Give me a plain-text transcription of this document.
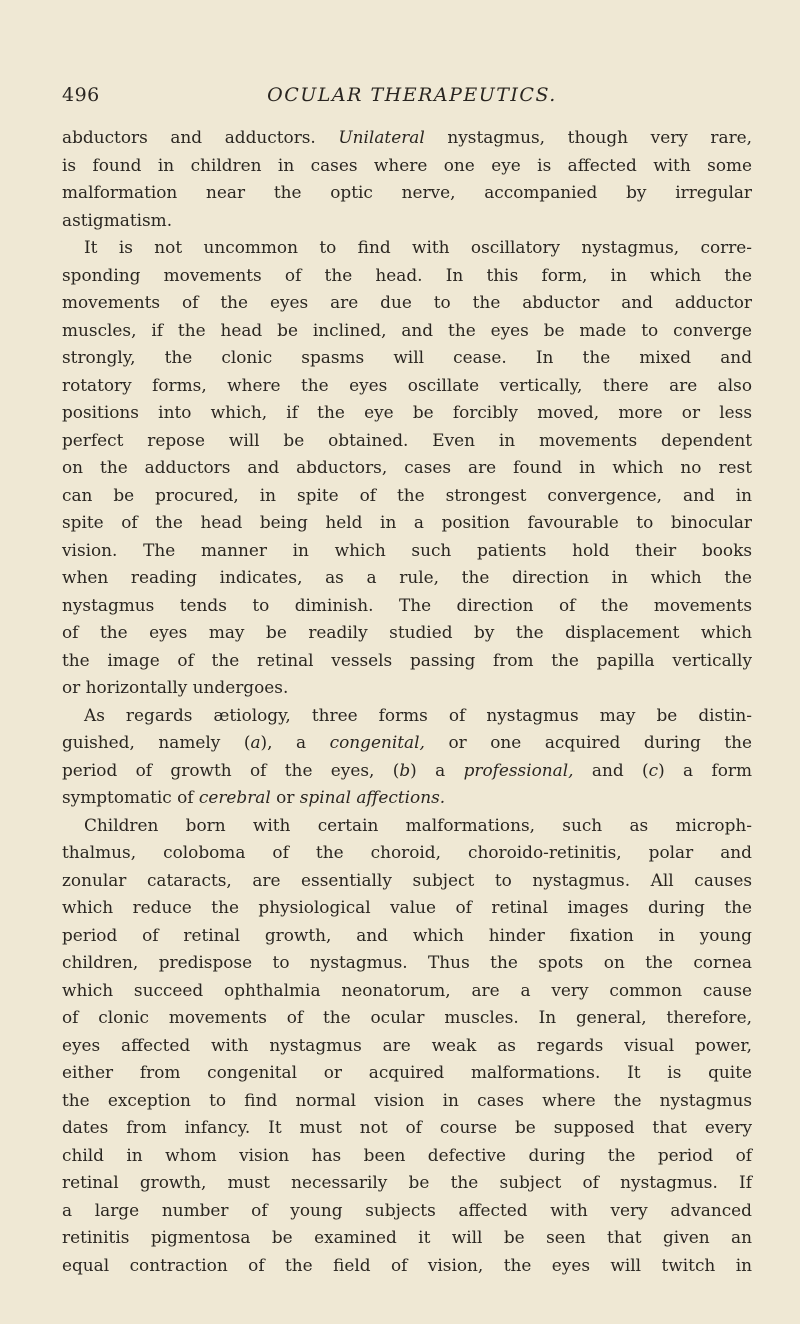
496	OCULAR THERAPEUTICS.
abductors and adductors. Unilateral nystagmus, though very rare,
is found in children in cases where one eye is affected with some
malformation near the optic nerve, accompanied by irregular
astigmatism.
It is not uncommon to find with oscillatory nystagmus, corre-
sponding movements of the head. In this form, in which the
movements of the eyes are due to the abductor and adductor
muscles, if the head be inclined, and the eyes be made to converge
strongly, the clonic spasms will cease. In the mixed and
rotatory forms, where the eyes oscillate vertically, there are also
positions into which, if the eye be forcibly moved, more or less
perfect repose will be obtained. Even in movements dependent
on the adductors and abductors, cases are found in which no rest
can be procured, in spite of the strongest convergence, and in
spite of the head being held in a position favourable to binocular
vision. The manner in which such patients hold their books
when reading indicates, as a rule, the direction in which the
nystagmus tends to diminish. The direction of the movements
of the eyes may be readily studied by the displacement which
the image of the retinal vessels passing from the papilla vertically
or horizontally undergoes.
As regards ætiology, three forms of nystagmus may be distin-
guished, namely (a), a congenital, or one acquired during the
period of growth of the eyes, (b) a professional, and (c) a form
symptomatic of cerebral or spinal affections.
Children born with certain malformations, such as microph-
thalmus, coloboma of the choroid, choroido-retinitis, polar and
zonular cataracts, are essentially subject to nystagmus. All causes
which reduce the physiological value of retinal images during the
period of retinal growth, and which hinder fixation in young
children, predispose to nystagmus. Thus the spots on the cornea
which succeed ophthalmia neonatorum, are a very common cause
of clonic movements of the ocular muscles. In general, therefore,
eyes affected with nystagmus are weak as regards visual power,
either from congenital or acquired malformations. It is quite
the exception to find normal vision in cases where the nystagmus
dates from infancy. It must not of course be supposed that every
child in whom vision has been defective during the period of
retinal growth, must necessarily be the subject of nystagmus. If
a large number of young subjects affected with very advanced
retinitis pigmentosa be examined it will be seen that given an
equal contraction of the field of vision, the eyes will twitch in
